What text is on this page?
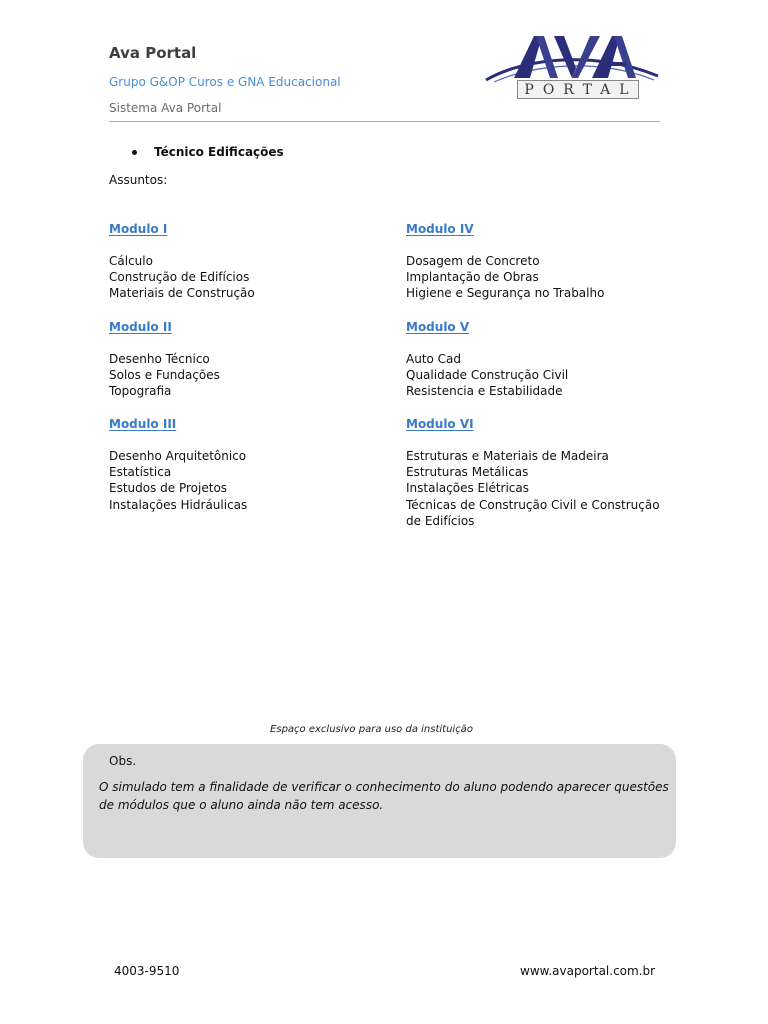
Ava Portal
Grupo G&OP Curos e GNA Educacional
Sistema Ava Portal
PORTAL
Técnico Edificações
Assuntos:
Modulo I
Cálculo
Construção de Edifícios
Materiais de Construção
Modulo II
Desenho Técnico
Solos e Fundações
Topografia
Modulo III
Desenho Arquitetônico
Estatística
Estudos de Projetos
Instalações Hidráulicas
Modulo IV
Dosagem de Concreto
Implantação de Obras
Higiene e Segurança no Trabalho
Modulo V
Auto Cad
Qualidade Construção Civil
Resistencia e Estabilidade
Modulo VI
Estruturas e Materiais de Madeira
Estruturas Metálicas
Instalações Elétricas
Técnicas de Construção Civil e Construção
de Edifícios
Espaço exclusivo para uso da instituição
Obs.
O simulado tem a finalidade de verificar o conhecimento do aluno podendo aparecer questões de módulos que o aluno ainda não tem acesso.
4003-9510	www.avaportal.com.br
